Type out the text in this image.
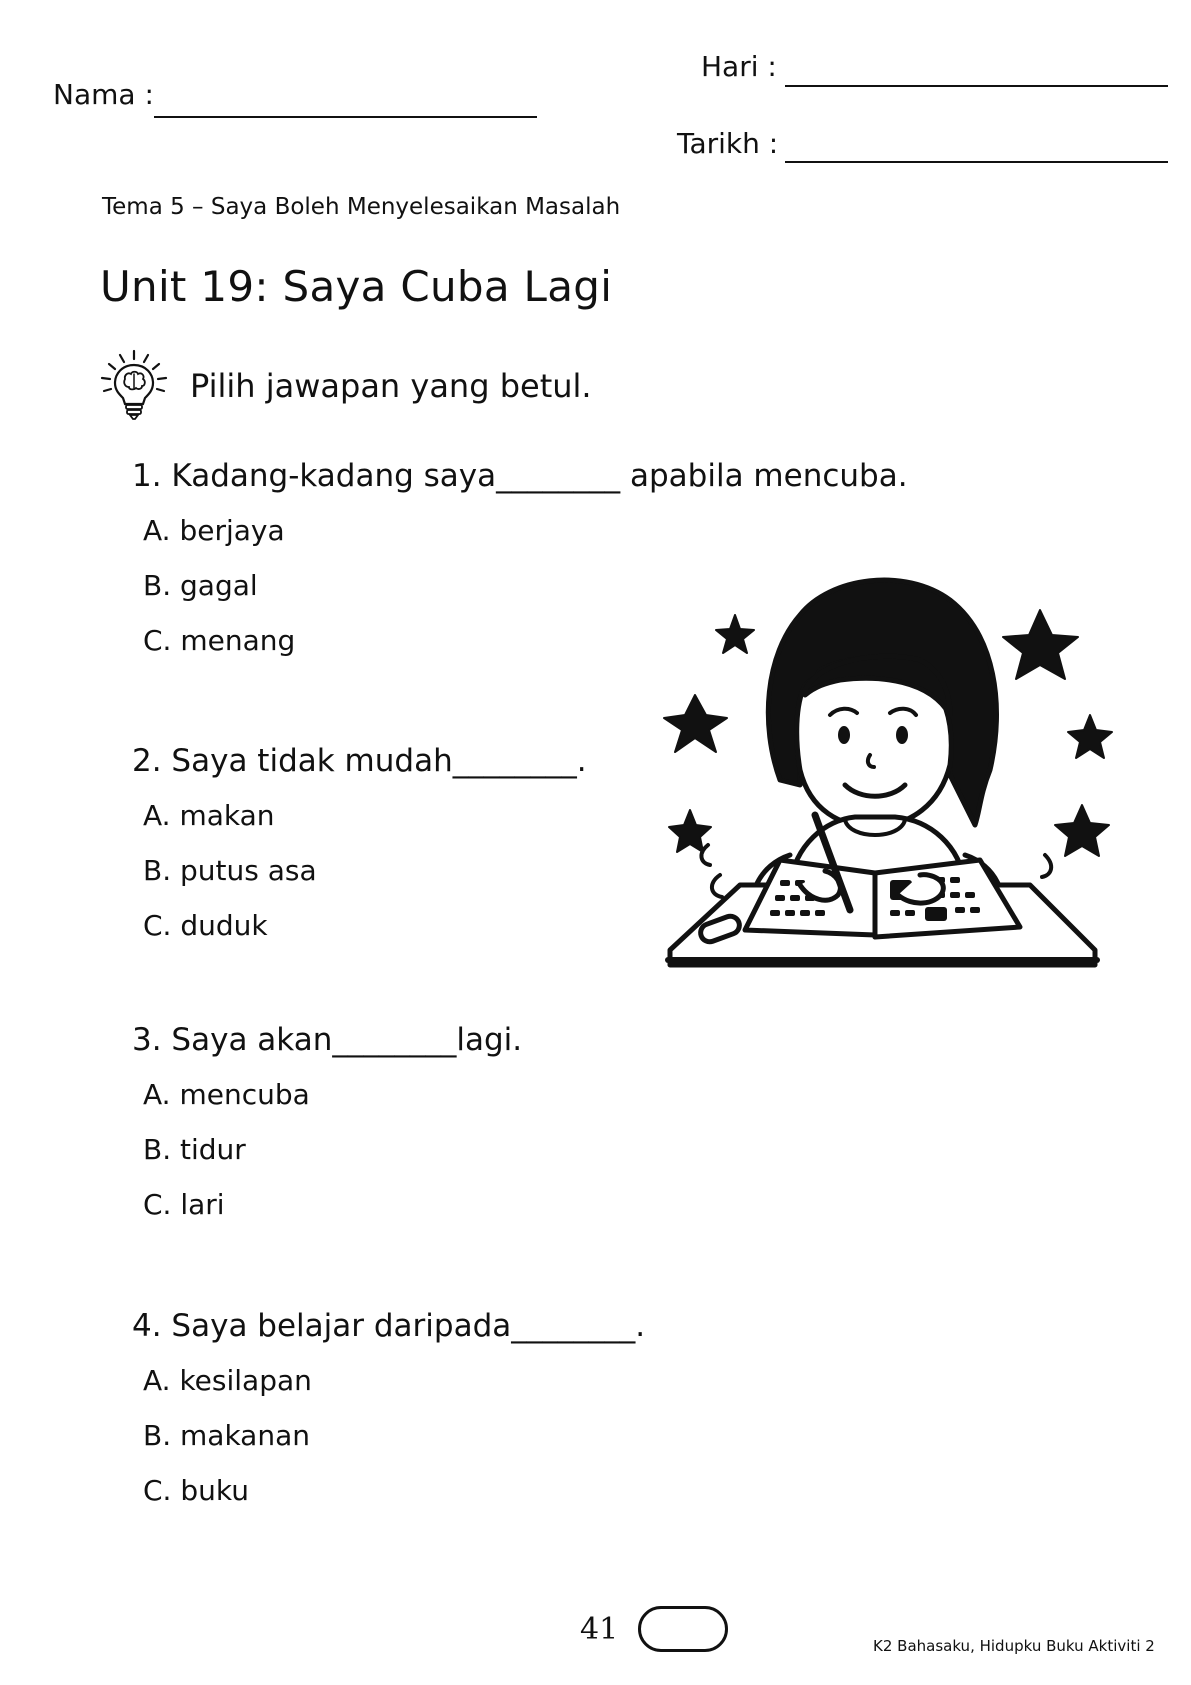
Nama :
Hari :
Tarikh :
Tema 5 – Saya Boleh Menyelesaikan Masalah
Unit 19: Saya Cuba Lagi
Pilih jawapan yang betul.

1. Kadang-kadang saya________ apabila mencuba.

A. berjaya

B. gagal

C. menang

2. Saya tidak mudah________.

A. makan

B. putus asa

C. duduk

3. Saya akan________lagi.

A. mencuba

B. tidur

C. lari

4. Saya belajar daripada________.

A. kesilapan

B. makanan

C. buku

41	K2 Bahasaku, Hidupku Buku Aktiviti 2
